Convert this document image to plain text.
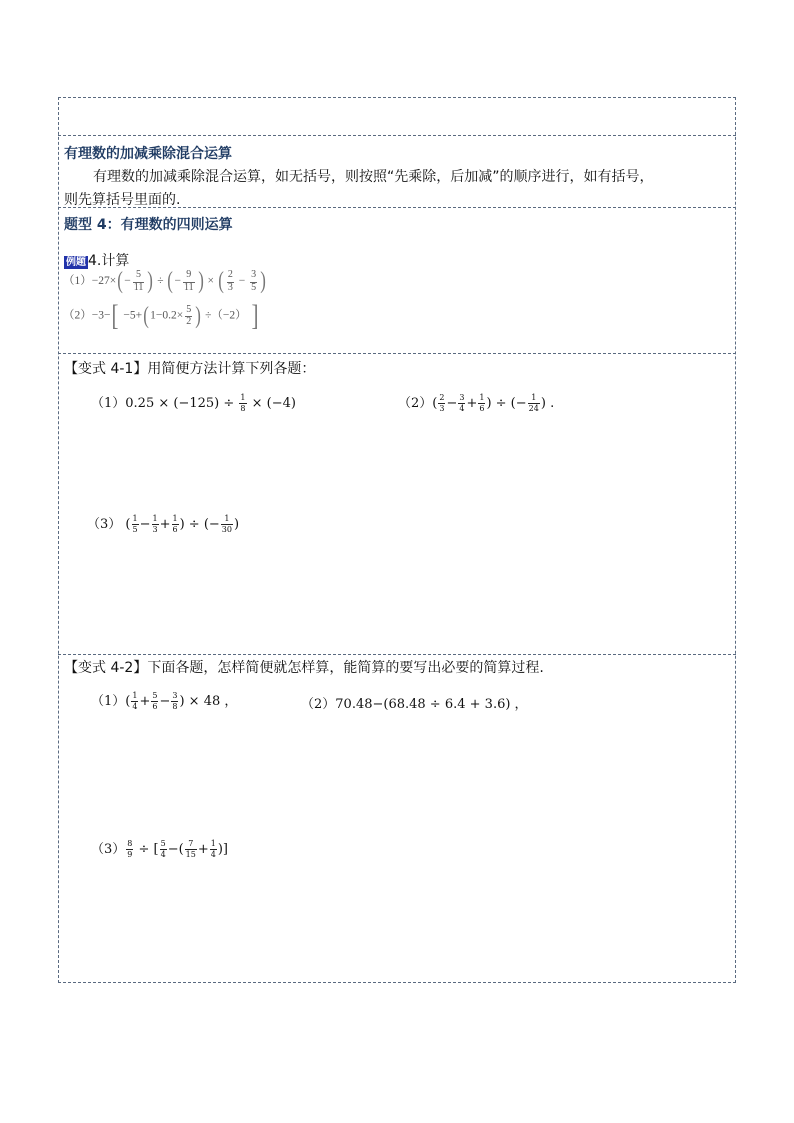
有理数的加减乘除混合运算
有理数的加减乘除混合运算，如无括号，则按照“先乘除，后加减”的顺序进行，如有括号，
则先算括号里面的.
题型 4：有理数的四则运算
例题 4.计算
$(1)-27\times(- \frac{5}{11}$ ) ÷ (− $\frac{9}{11}$ ) × ( $\frac{2}{3} - \frac{3}{5}$ )
$(2)-3-[ -5+(1-0.2\times \frac{5}{2}$ ) ÷（−2） ]
【变式 4-1】用简便方法计算下列各题：
$(1)0.25 \times (-125) \div \frac{1}{8} \times (-4)$	$(2)( \frac{2}{3} - \frac{3}{4} + \frac{1}{6}$ ) ÷ (− $\frac{1}{24}$ ) .
（3） ( $\frac{1}{5} - \frac{1}{3} + \frac{1}{6}$ ) ÷ (− $\frac{1}{30}$ )
【变式 4-2】下面各题，怎样简便就怎样算，能简算的要写出必要的简算过程.
$(1)( \frac{1}{4} + \frac{5}{6} - \frac{3}{8}$ ) × 48 ，	（2）70.48−(68.48 ÷ 6.4 + 3.6) ，
$(3) \frac{8}{9}$ ÷ [ $\frac{5}{4}$ −( $\frac{7}{15} + \frac{1}{4}$ )]
